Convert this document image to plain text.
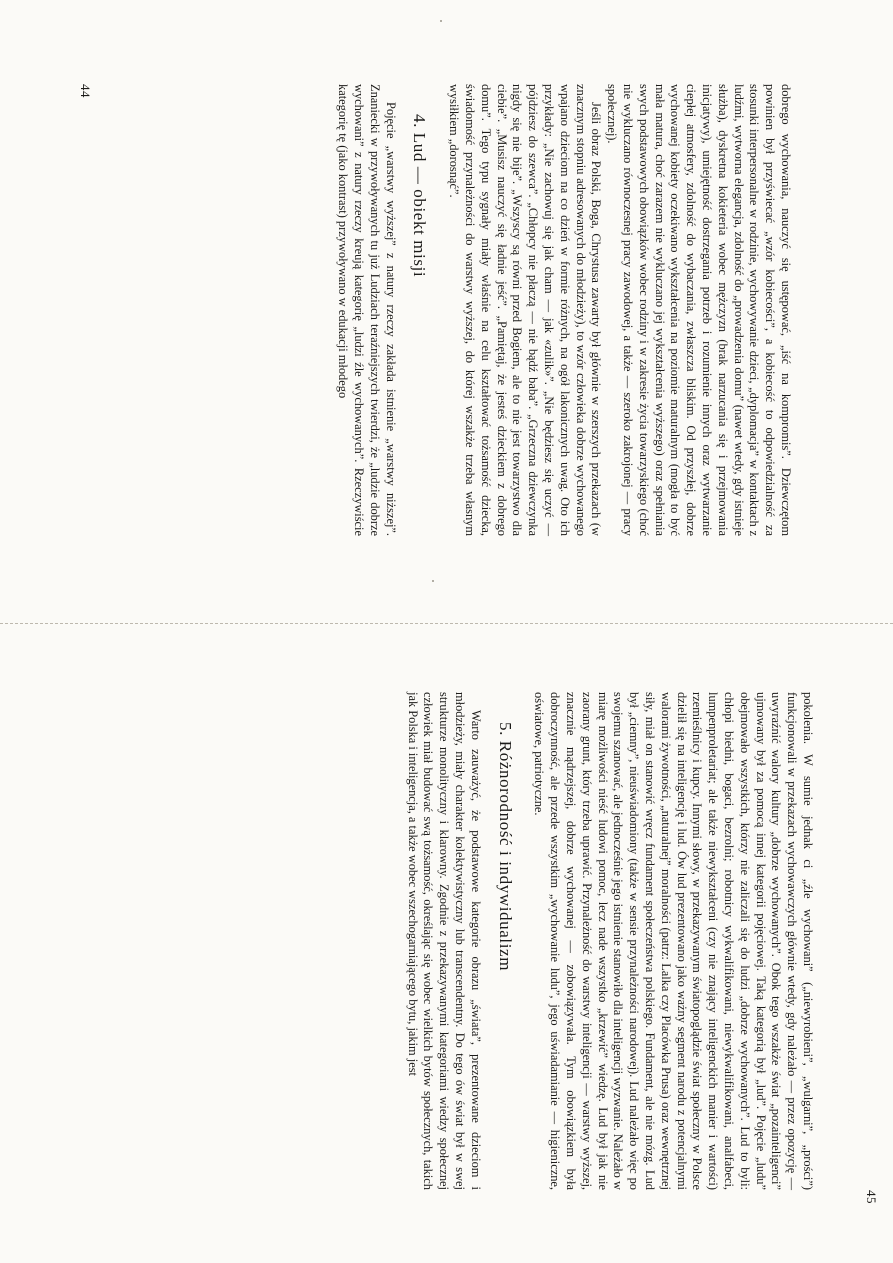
dobrego wychowania, nauczyć się ustępować, „iść na kompromis”. Dziewczętom powinien był przyświecać „wzór kobiecości”, a kobiecość to odpowiedzialność za stosunki interpersonalne w rodzinie, wychowywanie dzieci, „dyplomacja” w kontaktach z ludźmi, wytworna elegancja, zdolność do „prowadzenia domu” (nawet wtedy, gdy istnieje służba), dyskretna kokieteria wobec mężczyzn (brak narzucania się i przejmowania inicjatywy), umiejętność dostrzegania potrzeb i rozumienie innych oraz wytwarzanie ciepłej atmosfery, zdolność do wybaczania, zwłaszcza bliskim. Od przyszłej, dobrze wychowanej kobiety oczekiwano wykształcenia na poziomie maturalnym (mogła to być mała matura, choć zarazem nie wykluczano jej wykształcenia wyższego) oraz spełniania swych podstawowych obowiązków wobec rodziny i w zakresie życia towarzyskiego (choć nie wykluczano równoczesnej pracy zawodowej, a także — szeroko zakrojonej — pracy społecznej).

Jeśli obraz Polski, Boga, Chrystusa zawarty był głównie w szerszych przekazach (w znacznym stopniu adresowanych do młodzieży), to wzór człowieka dobrze wychowanego wpajano dzieciom na co dzień w formie różnych, na ogół lakonicznych uwag. Oto ich przykłady: „Nie zachowuj się jak cham — jak «zulik»”. „Nie będziesz się uczyć — pójdziesz do szewca”. „Chłopcy nie płaczą — nie bądź baba”. „Grzeczna dziewczynka nigdy się nie bije”. „Wszyscy są równi przed Bogiem, ale to nie jest towarzystwo dla ciebie”. „Musisz nauczyć się ładnie jeść”. „Pamiętaj, że jesteś dzieckiem z dobrego domu”. Tego typu sygnały miały właśnie na celu kształtować tożsamość dziecka, świadomość przynależności do warstwy wyższej, do której wszakże trzeba własnym wysiłkiem „dorosnąć”.

4. Lud — obiekt misji

Pojęcie „warstwy wyższej” z natury rzeczy zakłada istnienie „warstwy niższej”. Znaniecki w przywoływanych tu już Ludziach teraźniejszych twierdzi, że „ludzie dobrze wychowani” z natury rzeczy kreują kategorię „ludzi źle wychowanych”. Rzeczywiście kategorię tę (jako kontrast) przywoływano w edukacji młodego

44

pokolenia. W sumie jednak ci „źle wychowani” („niewyrobieni”, „wulgarni”, „prości”) funkcjonowali w przekazach wychowawczych głównie wtedy, gdy należało — przez opozycję — uwyraźnić walory kultury „dobrze wychowanych”. Obok tego wszakże świat „pozainteligenci” ujmowany był za pomocą innej kategorii pojęciowej. Taką kategorią był „lud”. Pojęcie „ludu” obejmowało wszystkich, którzy nie zaliczali się do ludzi „dobrze wychowanych”. Lud to byli: chłopi biedni, bogaci, bezrolni; robotnicy wykwalifikowani, niewykwalifikowani, analfabeci, lumpenproletariat; ale także niewykształceni (czy nie znający inteligenckich manier i wartości) rzemieślnicy i kupcy. Innymi słowy, w przekazywanym światopoglądzie świat społeczny w Polsce dzielił się na inteligencję i lud. Ów lud prezentowano jako ważny segment narodu z potencjalnymi walorami żywotności, „naturalnej” moralności (patrz: Lalka czy Placówka Prusa) oraz wewnętrznej siły, miał on stanowić wręcz fundament społeczeństwa polskiego. Fundament, ale nie mózg. Lud był „ciemny”, nieuświadomiony (także w sensie przynależności narodowej). Lud należało więc po swojemu szanować, ale jednocześnie jego istnienie stanowiło dla inteligencji wyzwanie. Należało w miarę możliwości nieść ludowi pomoc, lecz nade wszystko „krzewić” wiedzę. Lud był jak nie zaorany grunt, który trzeba uprawić. Przynależność do warstwy inteligencji — warstwy wyższej, znacznie mądrzejszej, dobrze wychowanej — zobowiązywała. Tym obowiązkiem była dobroczynność, ale przede wszystkim „wychowanie ludu”, jego uświadamianie — higieniczne, oświatowe, patriotyczne.

5. Różnorodność i indywidualizm

Warto zauważyć, że podstawowe kategorie obrazu „świata”, prezentowane dzieciom i młodzieży, miały charakter kolektywistyczny lub transcendentny. Do tego ów świat był w swej strukturze monolityczny i klarowny. Zgodnie z przekazywanymi kategoriami wiedzy społecznej człowiek miał budować swą tożsamość, określając się wobec wielkich bytów społecznych, takich jak Polska i inteligencja, a także wobec wszechogarniającego bytu, jakim jest

45
